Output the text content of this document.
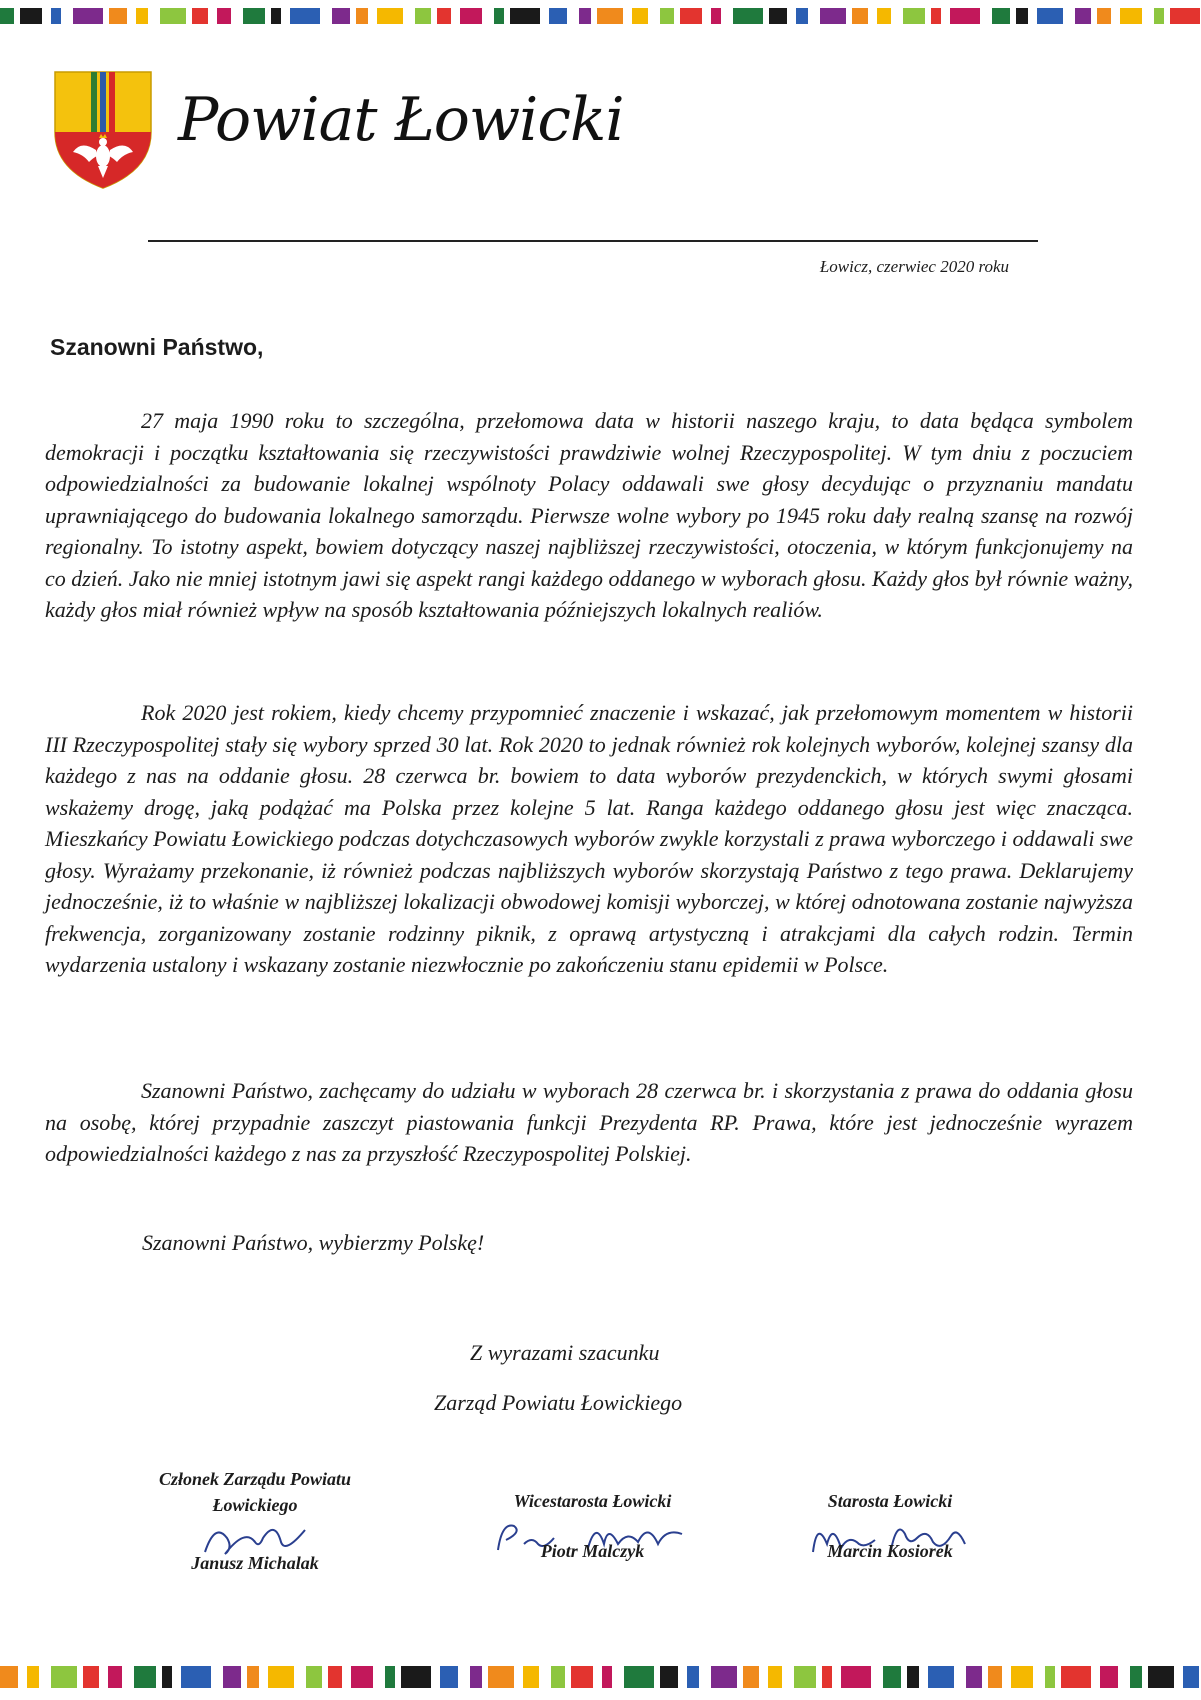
Powiat Łowicki
Łowicz, czerwiec 2020 roku
Szanowni Państwo,

27 maja 1990 roku to szczególna, przełomowa data w historii naszego kraju, to data będąca symbolem demokracji i początku kształtowania się rzeczywistości prawdziwie wolnej Rzeczypospolitej. W tym dniu z poczuciem odpowiedzialności za budowanie lokalnej wspólnoty Polacy oddawali swe głosy decydując o przyznaniu mandatu uprawniającego do budowania lokalnego samorządu. Pierwsze wolne wybory po 1945 roku dały realną szansę na rozwój regionalny. To istotny aspekt, bowiem dotyczący naszej najbliższej rzeczywistości, otoczenia, w którym funkcjonujemy na co dzień. Jako nie mniej istotnym jawi się aspekt rangi każdego oddanego w wyborach głosu. Każdy głos był równie ważny, każdy głos miał również wpływ na sposób kształtowania późniejszych lokalnych realiów.

Rok 2020 jest rokiem, kiedy chcemy przypomnieć znaczenie i wskazać, jak przełomowym momentem w historii III Rzeczypospolitej stały się wybory sprzed 30 lat. Rok 2020 to jednak również rok kolejnych wyborów, kolejnej szansy dla każdego z nas na oddanie głosu. 28 czerwca br. bowiem to data wyborów prezydenckich, w których swymi głosami wskażemy drogę, jaką podążać ma Polska przez kolejne 5 lat. Ranga każdego oddanego głosu jest więc znacząca. Mieszkańcy Powiatu Łowickiego podczas dotychczasowych wyborów zwykle korzystali z prawa wyborczego i oddawali swe głosy. Wyrażamy przekonanie, iż również podczas najbliższych wyborów skorzystają Państwo z tego prawa. Deklarujemy jednocześnie, iż to właśnie w najbliższej lokalizacji obwodowej komisji wyborczej, w której odnotowana zostanie najwyższa frekwencja, zorganizowany zostanie rodzinny piknik, z oprawą artystyczną i atrakcjami dla całych rodzin. Termin wydarzenia ustalony i wskazany zostanie niezwłocznie po zakończeniu stanu epidemii w Polsce.

Szanowni Państwo, zachęcamy do udziału w wyborach 28 czerwca br. i skorzystania z prawa do oddania głosu na osobę, której przypadnie zaszczyt piastowania funkcji Prezydenta RP. Prawa, które jest jednocześnie wyrazem odpowiedzialności każdego z nas za przyszłość Rzeczypospolitej Polskiej.

Szanowni Państwo, wybierzmy Polskę!
Z wyrazami szacunku
Zarząd Powiatu Łowickiego
Członek Zarządu Powiatu Łowickiego
Janusz Michalak
Wicestarosta Łowicki
Piotr Malczyk
Starosta Łowicki
Marcin Kosiorek
